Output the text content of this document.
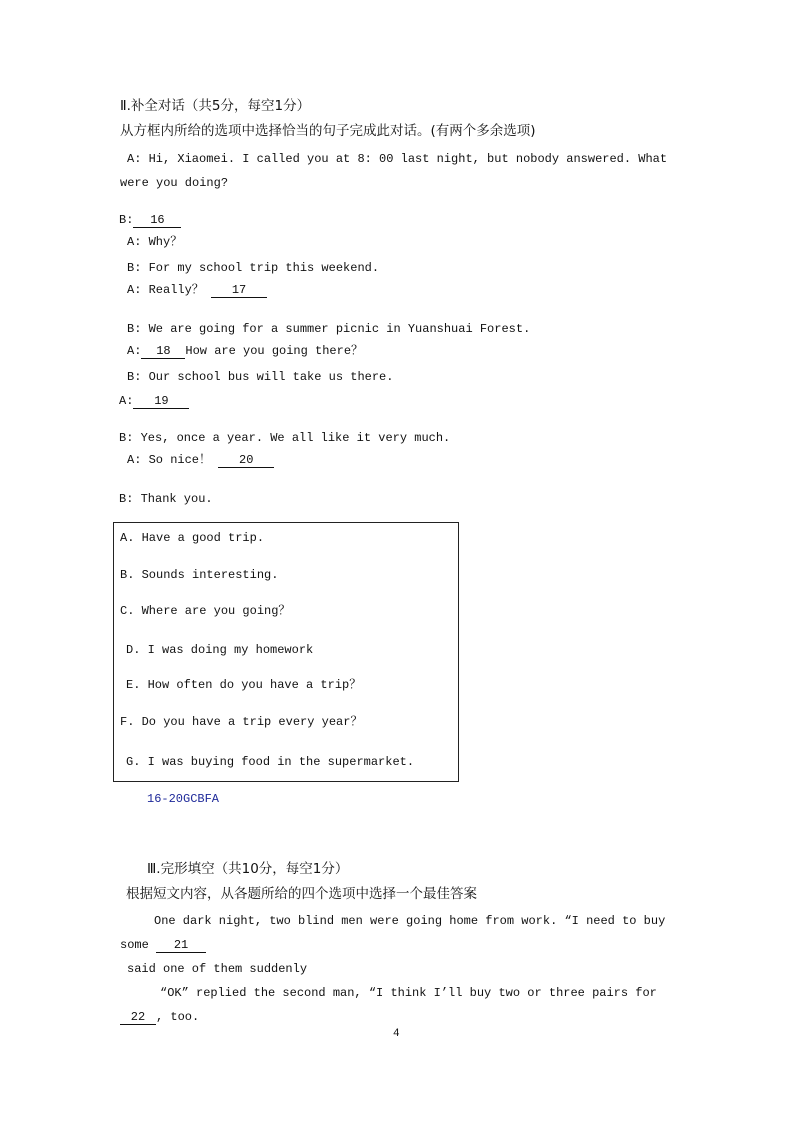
Ⅱ.补全对话（共5分，每空1分）
从方框内所给的选项中选择恰当的句子完成此对话。(有两个多余选项)
A: Hi, Xiaomei. I called you at 8: 00 last night, but nobody answered. What
were you doing?
B: 16
A: Why？
B: For my school trip this weekend.
A: Really？ 17
B: We are going for a summer picnic in Yuanshuai Forest.
A: 18 How are you going there？
B: Our school bus will take us there.
A: 19
B: Yes, once a year. We all like it very much.
A: So nice！ 20
B: Thank you.
A. Have a good trip.
B. Sounds interesting.
C. Where are you going？
D. I was doing my homework
E. How often do you have a trip？
F. Do you have a trip every year？
G. I was buying food in the supermarket.
16-20GCBFA
Ⅲ.完形填空（共10分，每空1分）
根据短文内容，从各题所给的四个选项中选择一个最佳答案
One dark night, two blind men were going home from work. “I need to buy
some 21
said one of them suddenly
“OK” replied the second man, “I think I’ll buy two or three pairs for
22 , too.
4
